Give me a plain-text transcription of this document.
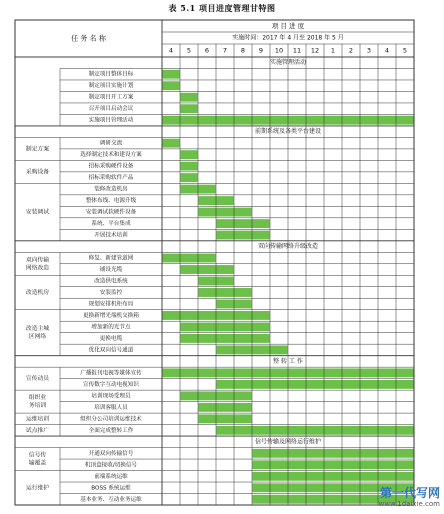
表 5.1 项目进度管理甘特图
项 目 进 度
实施时间：2017 年 4 月至 2018 年 5 月
任 务 名 称
4 5 6 7 8 9 10 11 12 1 2 3 4 5
实施管理活动
制定项目整体目标
制定项目实施计划
制定项目开工方案
召开项目启动会议
实施项目管理活动
前期系统及各类平台建设
调研交流
选择制定技术和建设方案
招标采购硬件设备
招标采购软件产品
装修改造机房
整体布线、电源升级
安装调试软硬件设备
系统、平台集成
开展技术培训
双向传输网络升级改造
修复、新建管道网
铺设光缆
改造供电系统
安装监控
规划安排机柜布局
更换新增光端机交换箱
增加新的光节点
更换电缆
优化双向信号通道
整 转 工 作
广播报刊电视等媒体宣传
宣传数字互动电视知识
培训现场受理员
培训客服人员
组织分公司培训运维技术
全面完成整转工作
信号传输及网络运行维护
开通双向传输信号
机顶盒接收/切换信号
前端系统运维
BOSS 系统运维
基本业务、互动业务运维
制定方案
采购设备
安装调试
双向传输
网络改造
改造机房
改造主城
区网络
宣传动员
组织业
务培训
运维培训
试点推广
信号传
输覆盖
运行维护	第一代写网
www.1daixie.com
